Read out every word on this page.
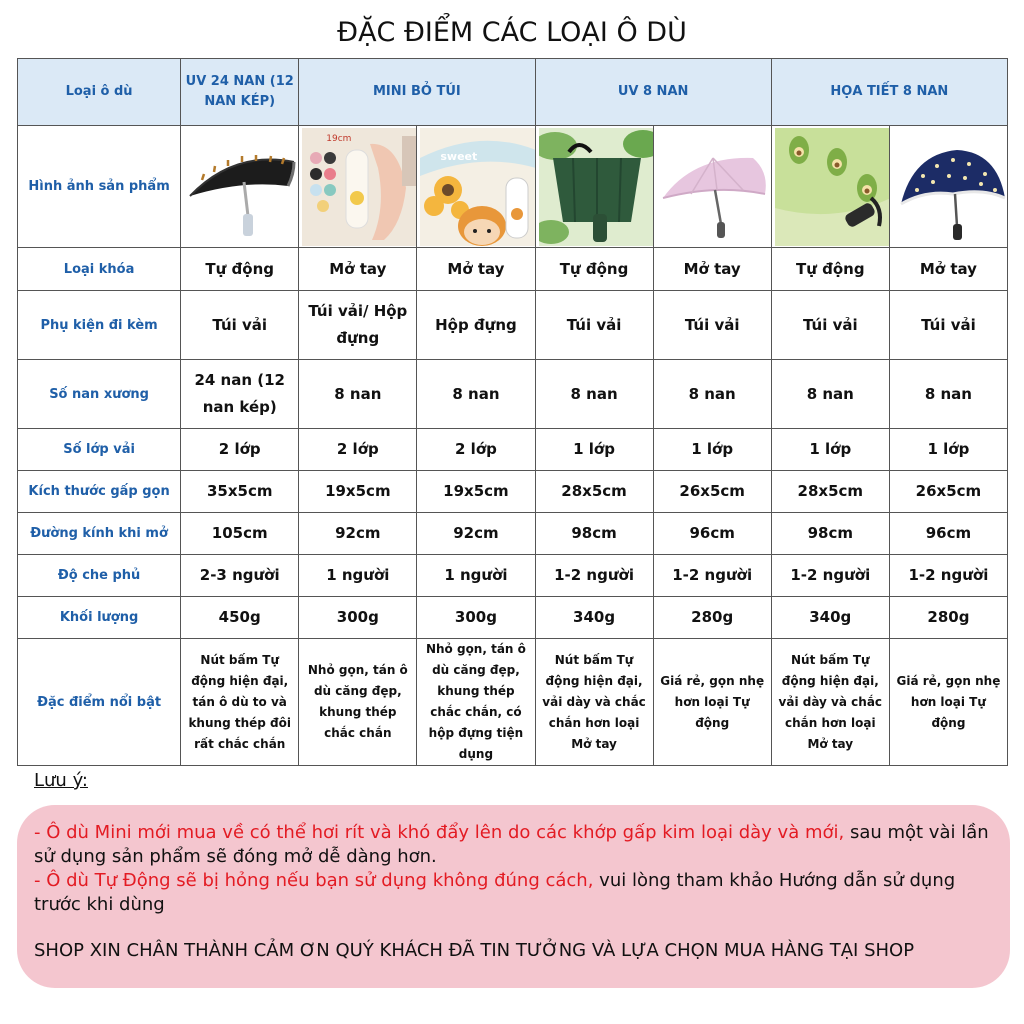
ĐẶC ĐIỂM CÁC LOẠI Ô DÙ
Loại ô dù	UV 24 NAN (12 NAN KÉP)	MINI BỎ TÚI		UV 8 NAN		HỌA TIẾT 8 NAN	
Hình ảnh sản phẩm		19cm	sweet

Loại khóa	Tự động	Mở tay	Mở tay	Tự động	Mở tay	Tự động	Mở tay
Phụ kiện đi kèm	Túi vải	Túi vải/ Hộp đựng	Hộp đựng	Túi vải	Túi vải	Túi vải	Túi vải
Số nan xương	24 nan (12 nan kép)	8 nan	8 nan	8 nan	8 nan	8 nan	8 nan
Số lớp vải	2 lớp	2 lớp	2 lớp	1 lớp	1 lớp	1 lớp	1 lớp
Kích thước gấp gọn	35x5cm	19x5cm	19x5cm	28x5cm	26x5cm	28x5cm	26x5cm
Đường kính khi mở	105cm	92cm	92cm	98cm	96cm	98cm	96cm
Độ che phủ	2-3 người	1 người	1 người	1-2 người	1-2 người	1-2 người	1-2 người
Khối lượng	450g	300g	300g	340g	280g	340g	280g
Đặc điểm nổi bật	Nút bấm Tự động hiện đại, tán ô dù to và khung thép đôi rất chắc chắn	Nhỏ gọn, tán ô dù căng đẹp, khung thép chắc chắn	Nhỏ gọn, tán ô dù căng đẹp, khung thép chắc chắn, có hộp đựng tiện dụng	Nút bấm Tự động hiện đại, vải dày và chắc chắn hơn loại Mở tay	Giá rẻ, gọn nhẹ hơn loại Tự động	Nút bấm Tự động hiện đại, vải dày và chắc chắn hơn loại Mở tay	Giá rẻ, gọn nhẹ hơn loại Tự động
Lưu ý:
- Ô dù Mini mới mua về có thể hơi rít và khó đẩy lên do các khớp gấp kim loại dày và mới, sau một vài lần sử dụng sản phẩm sẽ đóng mở dễ dàng hơn.
- Ô dù Tự Động sẽ bị hỏng nếu bạn sử dụng không đúng cách, vui lòng tham khảo Hướng dẫn sử dụng trước khi dùng
SHOP XIN CHÂN THÀNH CẢM ƠN QUÝ KHÁCH ĐÃ TIN TƯỞNG VÀ LỰA CHỌN MUA HÀNG TẠI SHOP
